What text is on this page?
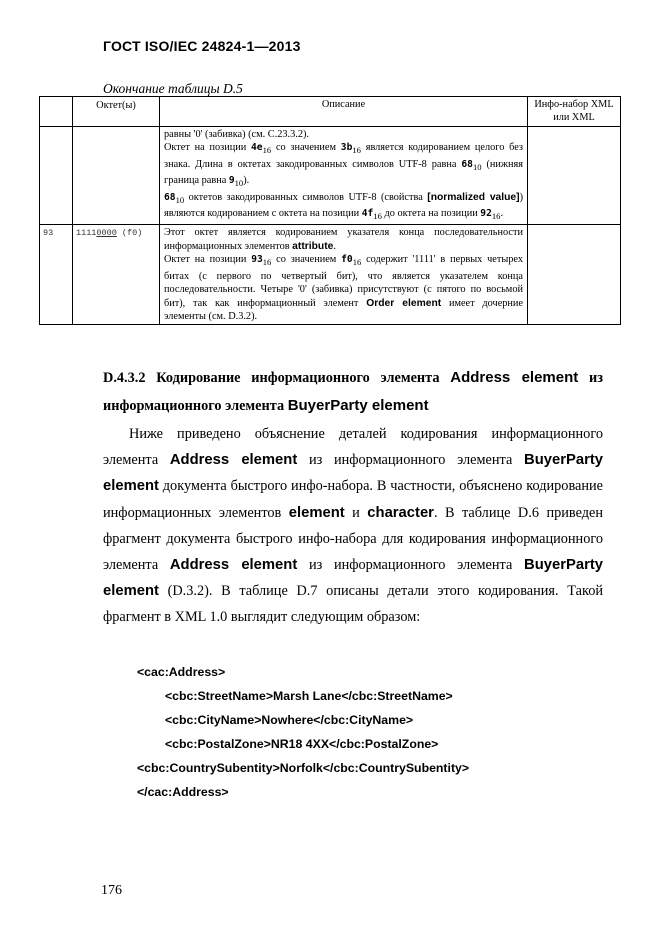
ГОСТ ISO/IEC 24824-1—2013
Окончание таблицы D.5
	Октет(ы)	Описание	Инфо-набор XML или XML

		равны '0' (забивка) (см. С.23.3.2).
Октет на позиции $4e_{16}$ со значением $3b_{16}$ является кодированием целого без знака. Длина в октетах закодированных символов UTF-8 равна $68_{10}$ (нижняя граница равна $9_{10}$).
$68_{10}$ октетов закодированных символов UTF-8 (свойства [normalized value]) являются кодированием с октета на позиции $4f_{16}$ до октета на позиции $92_{16}$.	

93	11110000 (f0)	Этот октет является кодированием указателя конца последовательности информационных элементов attribute.
Октет на позиции $93_{16}$ со значением $f0_{16}$ содержит '1111' в первых четырех битах (с первого по четвертый бит), что является указателем конца последовательности. Четыре '0' (забивка) присутствуют (с пятого по восьмой бит), так как информационный элемент Order element имеет дочерние элементы (см. D.3.2).	

D.4.3.2 Кодирование информационного элемента Address element из информационного элемента BuyerParty element
Ниже приведено объяснение деталей кодирования информационного элемента Address element из информационного элемента BuyerParty element документа быстрого инфо-набора. В частности, объяснено кодирование информационных элементов element и character. В таблице D.6 приведен фрагмент документа быстрого инфо-набора для кодирования информационного элемента Address element из информационного элемента BuyerParty element (D.3.2). В таблице D.7 описаны детали этого кодирования. Такой фрагмент в XML 1.0 выглядит следующим образом:
<cac:Address>
<cbc:StreetName>Marsh Lane</cbc:StreetName>
<cbc:CityName>Nowhere</cbc:CityName>
<cbc:PostalZone>NR18 4XX</cbc:PostalZone>
<cbc:CountrySubentity>Norfolk</cbc:CountrySubentity>
</cac:Address>
176
